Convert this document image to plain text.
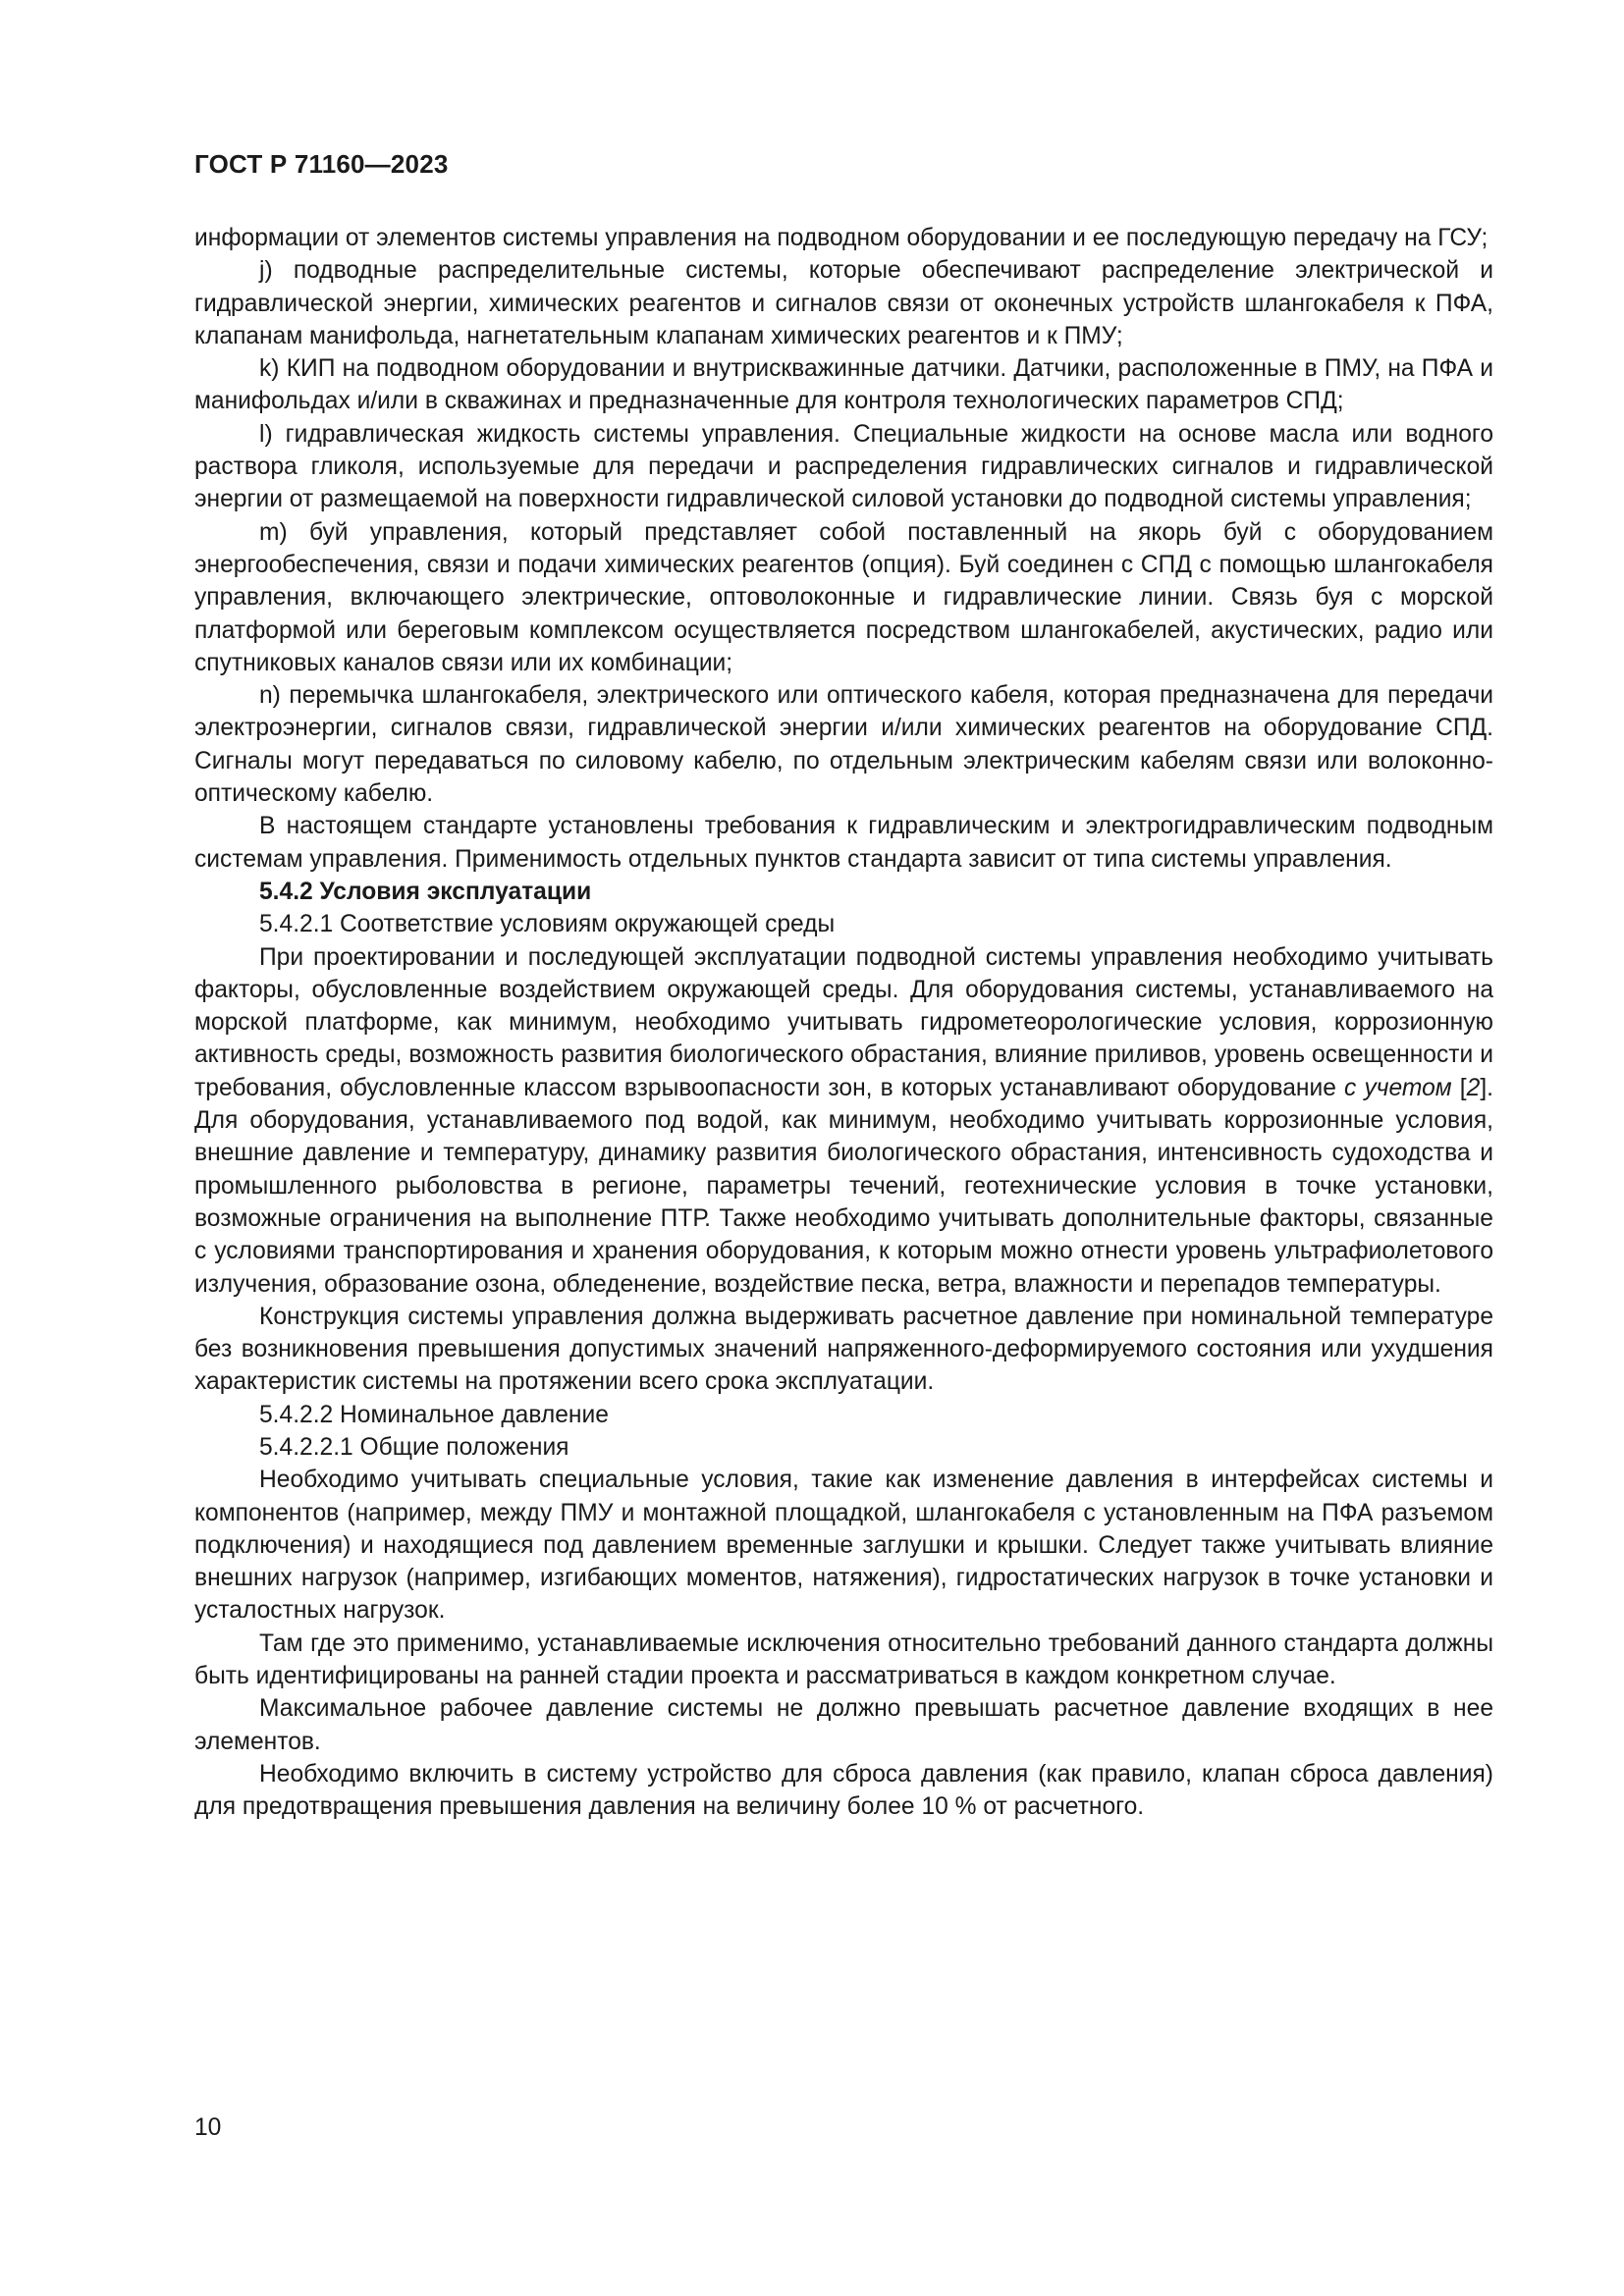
ГОСТ Р 71160—2023

информации от элементов системы управления на подводном оборудовании и ее последующую передачу на ГСУ;

j) подводные распределительные системы, которые обеспечивают распределение электрической и гидравлической энергии, химических реагентов и сигналов связи от оконечных устройств шлангокабеля к ПФА, клапанам манифольда, нагнетательным клапанам химических реагентов и к ПМУ;

k) КИП на подводном оборудовании и внутрискважинные датчики. Датчики, расположенные в ПМУ, на ПФА и манифольдах и/или в скважинах и предназначенные для контроля технологических параметров СПД;

l) гидравлическая жидкость системы управления. Специальные жидкости на основе масла или водного раствора гликоля, используемые для передачи и распределения гидравлических сигналов и гидравлической энергии от размещаемой на поверхности гидравлической силовой установки до подводной системы управления;

m) буй управления, который представляет собой поставленный на якорь буй с оборудованием энергообеспечения, связи и подачи химических реагентов (опция). Буй соединен с СПД с помощью шлангокабеля управления, включающего электрические, оптоволоконные и гидравлические линии. Связь буя с морской платформой или береговым комплексом осуществляется посредством шлангокабелей, акустических, радио или спутниковых каналов связи или их комбинации;

n) перемычка шлангокабеля, электрического или оптического кабеля, которая предназначена для передачи электроэнергии, сигналов связи, гидравлической энергии и/или химических реагентов на оборудование СПД. Сигналы могут передаваться по силовому кабелю, по отдельным электрическим кабелям связи или волоконно-оптическому кабелю.

В настоящем стандарте установлены требования к гидравлическим и электрогидравлическим подводным системам управления. Применимость отдельных пунктов стандарта зависит от типа системы управления.

5.4.2 Условия эксплуатации

5.4.2.1 Соответствие условиям окружающей среды

При проектировании и последующей эксплуатации подводной системы управления необходимо учитывать факторы, обусловленные воздействием окружающей среды. Для оборудования системы, устанавливаемого на морской платформе, как минимум, необходимо учитывать гидрометеорологические условия, коррозионную активность среды, возможность развития биологического обрастания, влияние приливов, уровень освещенности и требования, обусловленные классом взрывоопасности зон, в которых устанавливают оборудование с учетом [2]. Для оборудования, устанавливаемого под водой, как минимум, необходимо учитывать коррозионные условия, внешние давление и температуру, динамику развития биологического обрастания, интенсивность судоходства и промышленного рыболовства в регионе, параметры течений, геотехнические условия в точке установки, возможные ограничения на выполнение ПТР. Также необходимо учитывать дополнительные факторы, связанные с условиями транспортирования и хранения оборудования, к которым можно отнести уровень ультрафиолетового излучения, образование озона, обледенение, воздействие песка, ветра, влажности и перепадов температуры.

Конструкция системы управления должна выдерживать расчетное давление при номинальной температуре без возникновения превышения допустимых значений напряженного-деформируемого состояния или ухудшения характеристик системы на протяжении всего срока эксплуатации.

5.4.2.2 Номинальное давление

5.4.2.2.1 Общие положения

Необходимо учитывать специальные условия, такие как изменение давления в интерфейсах системы и компонентов (например, между ПМУ и монтажной площадкой, шлангокабеля с установленным на ПФА разъемом подключения) и находящиеся под давлением временные заглушки и крышки. Следует также учитывать влияние внешних нагрузок (например, изгибающих моментов, натяжения), гидростатических нагрузок в точке установки и усталостных нагрузок.

Там где это применимо, устанавливаемые исключения относительно требований данного стандарта должны быть идентифицированы на ранней стадии проекта и рассматриваться в каждом конкретном случае.

Максимальное рабочее давление системы не должно превышать расчетное давление входящих в нее элементов.

Необходимо включить в систему устройство для сброса давления (как правило, клапан сброса давления) для предотвращения превышения давления на величину более 10 % от расчетного.

10
